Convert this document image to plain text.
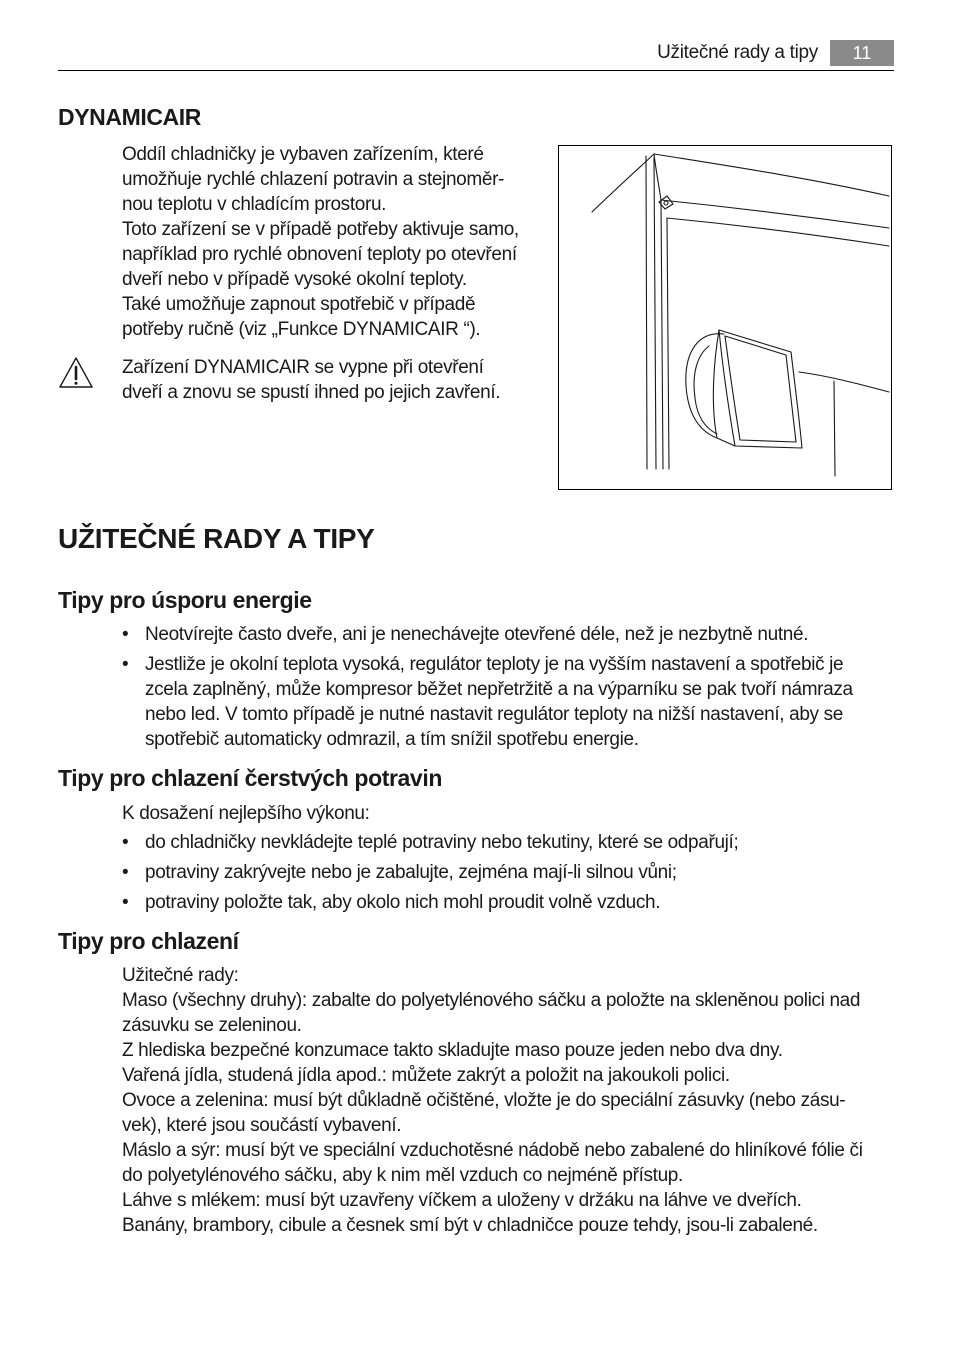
Užitečné rady a tipy	11
DYNAMICAIR

Oddíl chladničky je vybaven zařízením, které

umožňuje rychlé chlazení potravin a stejnoměr-

nou teplotu v chladícím prostoru.

Toto zařízení se v případě potřeby aktivuje samo,

například pro rychlé obnovení teploty po otevření

dveří nebo v případě vysoké okolní teploty.

Také umožňuje zapnout spotřebič v případě

potřeby ručně (viz „Funkce DYNAMICAIR “).

Zařízení DYNAMICAIR se vypne při otevření

dveří a znovu se spustí ihned po jejich zavření.

UŽITEČNÉ RADY A TIPY
Tipy pro úsporu energie
• Neotvírejte často dveře, ani je nenechávejte otevřené déle, než je nezbytně nutné.
• Jestliže je okolní teplota vysoká, regulátor teploty je na vyšším nastavení a spotřebič je
zcela zaplněný, může kompresor běžet nepřetržitě a na výparníku se pak tvoří námraza
nebo led. V tomto případě je nutné nastavit regulátor teploty na nižší nastavení, aby se
spotřebič automaticky odmrazil, a tím snížil spotřebu energie.
Tipy pro chlazení čerstvých potravin
K dosažení nejlepšího výkonu:
• do chladničky nevkládejte teplé potraviny nebo tekutiny, které se odpařují;
• potraviny zakrývejte nebo je zabalujte, zejména mají-li silnou vůni;
• potraviny položte tak, aby okolo nich mohl proudit volně vzduch.
Tipy pro chlazení

Užitečné rady:

Maso (všechny druhy): zabalte do polyetylénového sáčku a položte na skleněnou polici nad

zásuvku se zeleninou.

Z hlediska bezpečné konzumace takto skladujte maso pouze jeden nebo dva dny.

Vařená jídla, studená jídla apod.: můžete zakrýt a položit na jakoukoli polici.

Ovoce a zelenina: musí být důkladně očištěné, vložte je do speciální zásuvky (nebo zásu-

vek), které jsou součástí vybavení.

Máslo a sýr: musí být ve speciální vzduchotěsné nádobě nebo zabalené do hliníkové fólie či

do polyetylénového sáčku, aby k nim měl vzduch co nejméně přístup.

Láhve s mlékem: musí být uzavřeny víčkem a uloženy v držáku na láhve ve dveřích.

Banány, brambory, cibule a česnek smí být v chladničce pouze tehdy, jsou-li zabalené.
